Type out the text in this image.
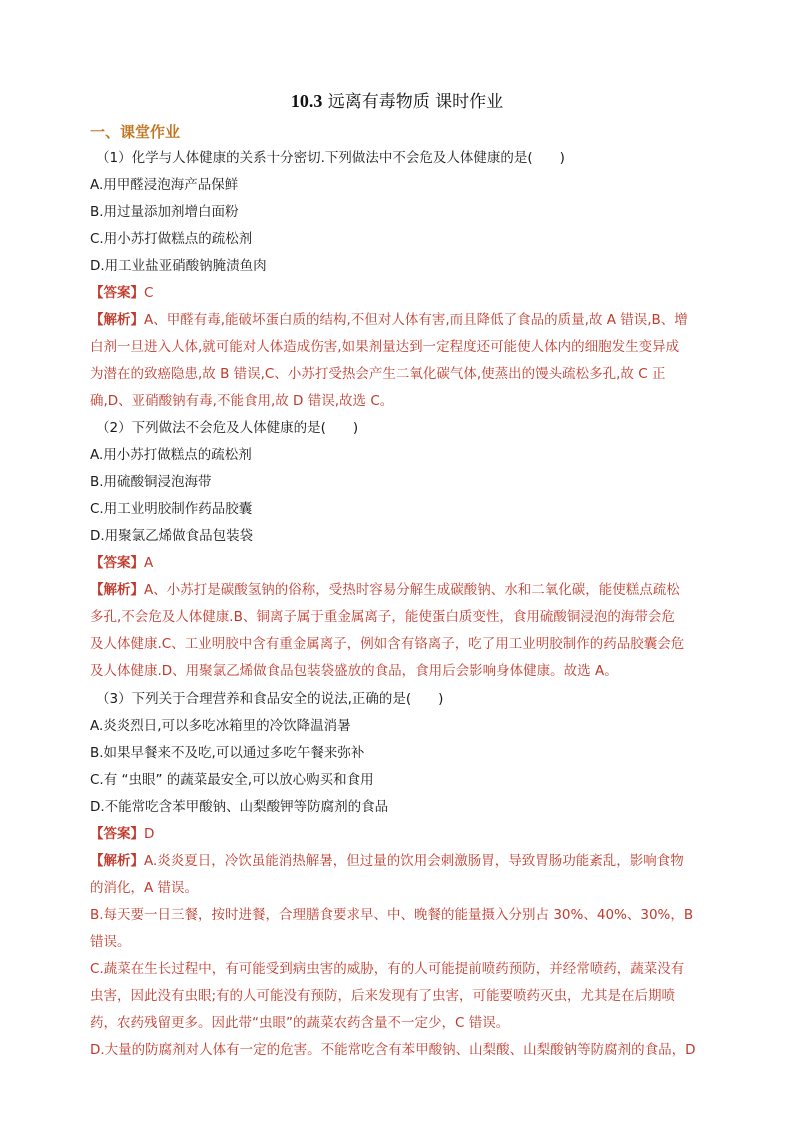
10.3 远离有毒物质 课时作业
一、课堂作业
（1）化学与人体健康的关系十分密切.下列做法中不会危及人体健康的是(　　)
A.用甲醛浸泡海产品保鲜
B.用过量添加剂增白面粉
C.用小苏打做糕点的疏松剂
D.用工业盐亚硝酸钠腌渍鱼肉
【答案】C
【解析】A、甲醛有毒,能破坏蛋白质的结构,不但对人体有害,而且降低了食品的质量,故 A 错误,B、增
白剂一旦进入人体,就可能对人体造成伤害,如果剂量达到一定程度还可能使人体内的细胞发生变异成
为潜在的致癌隐患,故 B 错误,C、小苏打受热会产生二氧化碳气体,使蒸出的馒头疏松多孔,故 C 正
确,D、亚硝酸钠有毒,不能食用,故 D 错误,故选 C。
（2）下列做法不会危及人体健康的是(　　)
A.用小苏打做糕点的疏松剂
B.用硫酸铜浸泡海带
C.用工业明胶制作药品胶囊
D.用聚氯乙烯做食品包装袋
【答案】A
【解析】A、小苏打是碳酸氢钠的俗称，受热时容易分解生成碳酸钠、水和二氧化碳，能使糕点疏松
多孔,不会危及人体健康.B、铜离子属于重金属离子，能使蛋白质变性，食用硫酸铜浸泡的海带会危
及人体健康.C、工业明胶中含有重金属离子，例如含有铬离子，吃了用工业明胶制作的药品胶囊会危
及人体健康.D、用聚氯乙烯做食品包装袋盛放的食品，食用后会影响身体健康。故选 A。
（3）下列关于合理营养和食品安全的说法,正确的是(　　)
A.炎炎烈日,可以多吃冰箱里的冷饮降温消暑
B.如果早餐来不及吃,可以通过多吃午餐来弥补
C.有 “虫眼” 的蔬菜最安全,可以放心购买和食用
D.不能常吃含苯甲酸钠、山梨酸钾等防腐剂的食品
【答案】D
【解析】A.炎炎夏日，冷饮虽能消热解暑，但过量的饮用会刺激肠胃，导致胃肠功能紊乱，影响食物
的消化，A 错误。
B.每天要一日三餐，按时进餐，合理膳食要求早、中、晚餐的能量摄入分别占 30%、40%、30%，B
错误。
C.蔬菜在生长过程中，有可能受到病虫害的威胁，有的人可能提前喷药预防，并经常喷药，蔬菜没有
虫害，因此没有虫眼;有的人可能没有预防，后来发现有了虫害，可能要喷药灭虫，尤其是在后期喷
药，农药残留更多。因此带“虫眼”的蔬菜农药含量不一定少，C 错误。
D.大量的防腐剂对人体有一定的危害。不能常吃含有苯甲酸钠、山梨酸、山梨酸钠等防腐剂的食品，D
